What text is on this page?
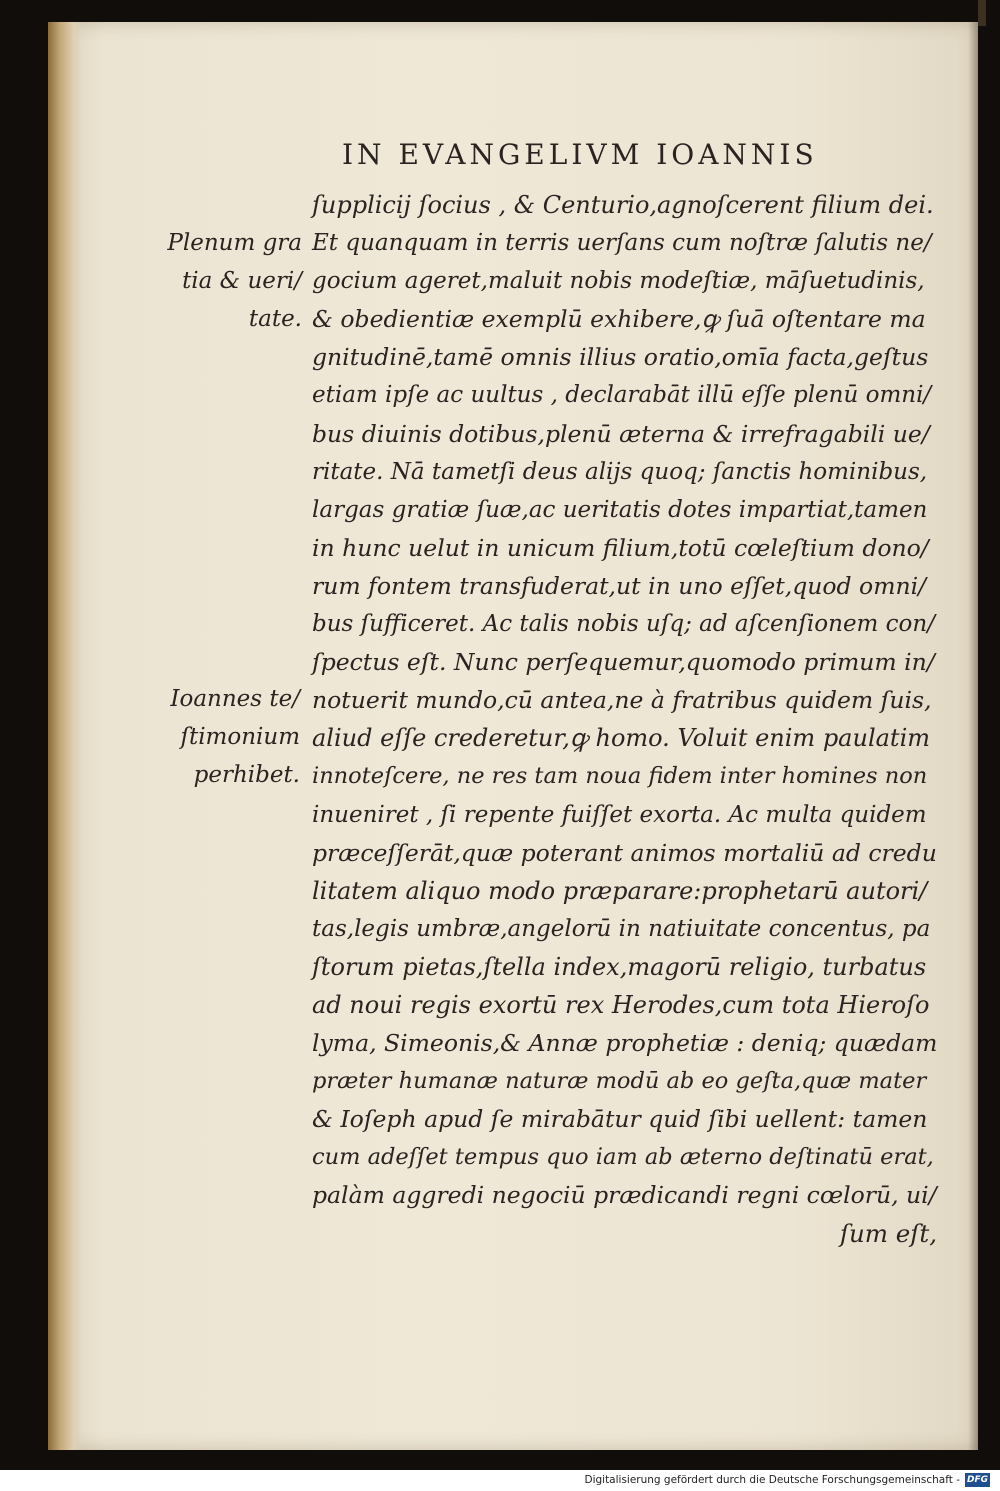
IN EVANGELIVM IOANNIS
Plenum gra
tia & ueri/
tate.
Ioannes te/
ſtimonium
perhibet.
ſupplicij ſocius , & Centurio,agnoſcerent filium dei.
Et quanquam in terris uerſans cum noſtræ ſalutis ne/
gocium ageret,maluit nobis modeſtiæ, māſuetudinis,
& obedientiæ exemplū exhibere,ꝙ ſuā oſtentare ma
gnitudinē,tamē omnis illius oratio,omīa facta,geſtus
etiam ipſe ac uultus , declarabāt illū eſſe plenū omni/
bus diuinis dotibus,plenū æterna & irrefragabili ue/
ritate. Nā tametſi deus alijs quoq; ſanctis hominibus,
largas gratiæ ſuæ,ac ueritatis dotes impartiat,tamen
in hunc uelut in unicum filium,totū cœleſtium dono/
rum fontem transfuderat,ut in uno eſſet,quod omni/
bus ſufficeret. Ac talis nobis uſq; ad aſcenſionem con/
ſpectus eſt. Nunc perſequemur,quomodo primum in/
notuerit mundo,cū antea,ne à fratribus quidem ſuis,
aliud eſſe crederetur,ꝙ homo. Voluit enim paulatim
innoteſcere, ne res tam noua fidem inter homines non
inueniret , ſi repente fuiſſet exorta. Ac multa quidem
præceſſerāt,quæ poterant animos mortaliū ad credu
litatem aliquo modo præparare:prophetarū autori/
tas,legis umbræ,angelorū in natiuitate concentus, pa
ſtorum pietas,ſtella index,magorū religio, turbatus
ad noui regis exortū rex Herodes,cum tota Hieroſo
lyma, Simeonis,& Annæ prophetiæ : deniq; quædam
præter humanæ naturæ modū ab eo geſta,quæ mater
& Ioſeph apud ſe mirabātur quid ſibi uellent: tamen
cum adeſſet tempus quo iam ab æterno deſtinatū erat,
palàm aggredi negociū prædicandi regni cœlorū, ui/
ſum eſt,
Digitalisierung gefördert durch die Deutsche Forschungsgemeinschaft - DFG
